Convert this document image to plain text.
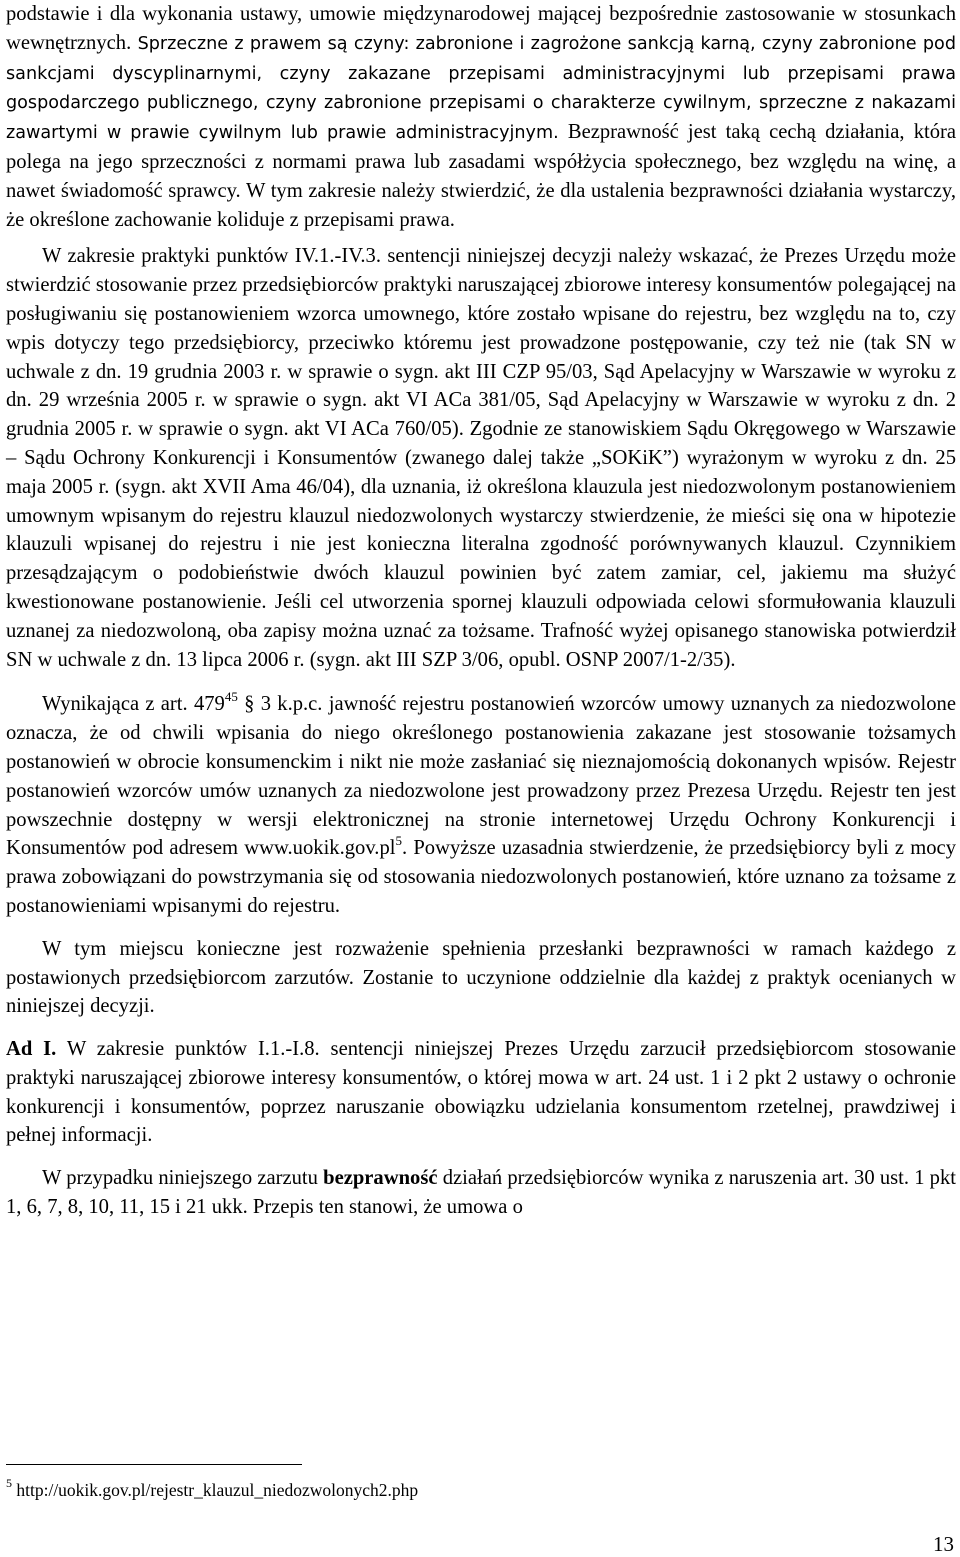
podstawie i dla wykonania ustawy, umowie międzynarodowej mającej bezpośrednie zastosowanie w stosunkach wewnętrznych. Sprzeczne z prawem są czyny: zabronione i zagrożone sankcją karną, czyny zabronione pod sankcjami dyscyplinarnymi, czyny zakazane przepisami administracyjnymi lub przepisami prawa gospodarczego publicznego, czyny zabronione przepisami o charakterze cywilnym, sprzeczne z nakazami zawartymi w prawie cywilnym lub prawie administracyjnym. Bezprawność jest taką cechą działania, która polega na jego sprzeczności z normami prawa lub zasadami współżycia społecznego, bez względu na winę, a nawet świadomość sprawcy. W tym zakresie należy stwierdzić, że dla ustalenia bezprawności działania wystarczy, że określone zachowanie koliduje z przepisami prawa.

W zakresie praktyki punktów IV.1.-IV.3. sentencji niniejszej decyzji należy wskazać, że Prezes Urzędu może stwierdzić stosowanie przez przedsiębiorców praktyki naruszającej zbiorowe interesy konsumentów polegającej na posługiwaniu się postanowieniem wzorca umownego, które zostało wpisane do rejestru, bez względu na to, czy wpis dotyczy tego przedsiębiorcy, przeciwko któremu jest prowadzone postępowanie, czy też nie (tak SN w uchwale z dn. 19 grudnia 2003 r. w sprawie o sygn. akt III CZP 95/03, Sąd Apelacyjny w Warszawie w wyroku z dn. 29 września 2005 r. w sprawie o sygn. akt VI ACa 381/05, Sąd Apelacyjny w Warszawie w wyroku z dn. 2 grudnia 2005 r. w sprawie o sygn. akt VI ACa 760/05). Zgodnie ze stanowiskiem Sądu Okręgowego w Warszawie – Sądu Ochrony Konkurencji i Konsumentów (zwanego dalej także „SOKiK”) wyrażonym w wyroku z dn. 25 maja 2005 r. (sygn. akt XVII Ama 46/04), dla uznania, iż określona klauzula jest niedozwolonym postanowieniem umownym wpisanym do rejestru klauzul niedozwolonych wystarczy stwierdzenie, że mieści się ona w hipotezie klauzuli wpisanej do rejestru i nie jest konieczna literalna zgodność porównywanych klauzul. Czynnikiem przesądzającym o podobieństwie dwóch klauzul powinien być zatem zamiar, cel, jakiemu ma służyć kwestionowane postanowienie. Jeśli cel utworzenia spornej klauzuli odpowiada celowi sformułowania klauzuli uznanej za niedozwoloną, oba zapisy można uznać za tożsame. Trafność wyżej opisanego stanowiska potwierdził SN w uchwale z dn. 13 lipca 2006 r. (sygn. akt III SZP 3/06, opubl. OSNP 2007/1-2/35).

Wynikająca z art. $479^{45}$ § 3 k.p.c. jawność rejestru postanowień wzorców umowy uznanych za niedozwolone oznacza, że od chwili wpisania do niego określonego postanowienia zakazane jest stosowanie tożsamych postanowień w obrocie konsumenckim i nikt nie może zasłaniać się nieznajomością dokonanych wpisów. Rejestr postanowień wzorców umów uznanych za niedozwolone jest prowadzony przez Prezesa Urzędu. Rejestr ten jest powszechnie dostępny w wersji elektronicznej na stronie internetowej Urzędu Ochrony Konkurencji i Konsumentów pod adresem $www.uokik.gov.pl^5$. Powyższe uzasadnia stwierdzenie, że przedsiębiorcy byli z mocy prawa zobowiązani do powstrzymania się od stosowania niedozwolonych postanowień, które uznano za tożsame z postanowieniami wpisanymi do rejestru.

W tym miejscu konieczne jest rozważenie spełnienia przesłanki bezprawności w ramach każdego z postawionych przedsiębiorcom zarzutów. Zostanie to uczynione oddzielnie dla każdej z praktyk ocenianych w niniejszej decyzji.

Ad I. W zakresie punktów I.1.-I.8. sentencji niniejszej Prezes Urzędu zarzucił przedsiębiorcom stosowanie praktyki naruszającej zbiorowe interesy konsumentów, o której mowa w art. 24 ust. 1 i 2 pkt 2 ustawy o ochronie konkurencji i konsumentów, poprzez naruszanie obowiązku udzielania konsumentom rzetelnej, prawdziwej i pełnej informacji.

W przypadku niniejszego zarzutu bezprawność działań przedsiębiorców wynika z naruszenia art. 30 ust. 1 pkt 1, 6, 7, 8, 10, 11, 15 i 21 ukk. Przepis ten stanowi, że umowa o

$^5$ http://uokik.gov.pl/rejestr_klauzul_niedozwolonych2.php

13
